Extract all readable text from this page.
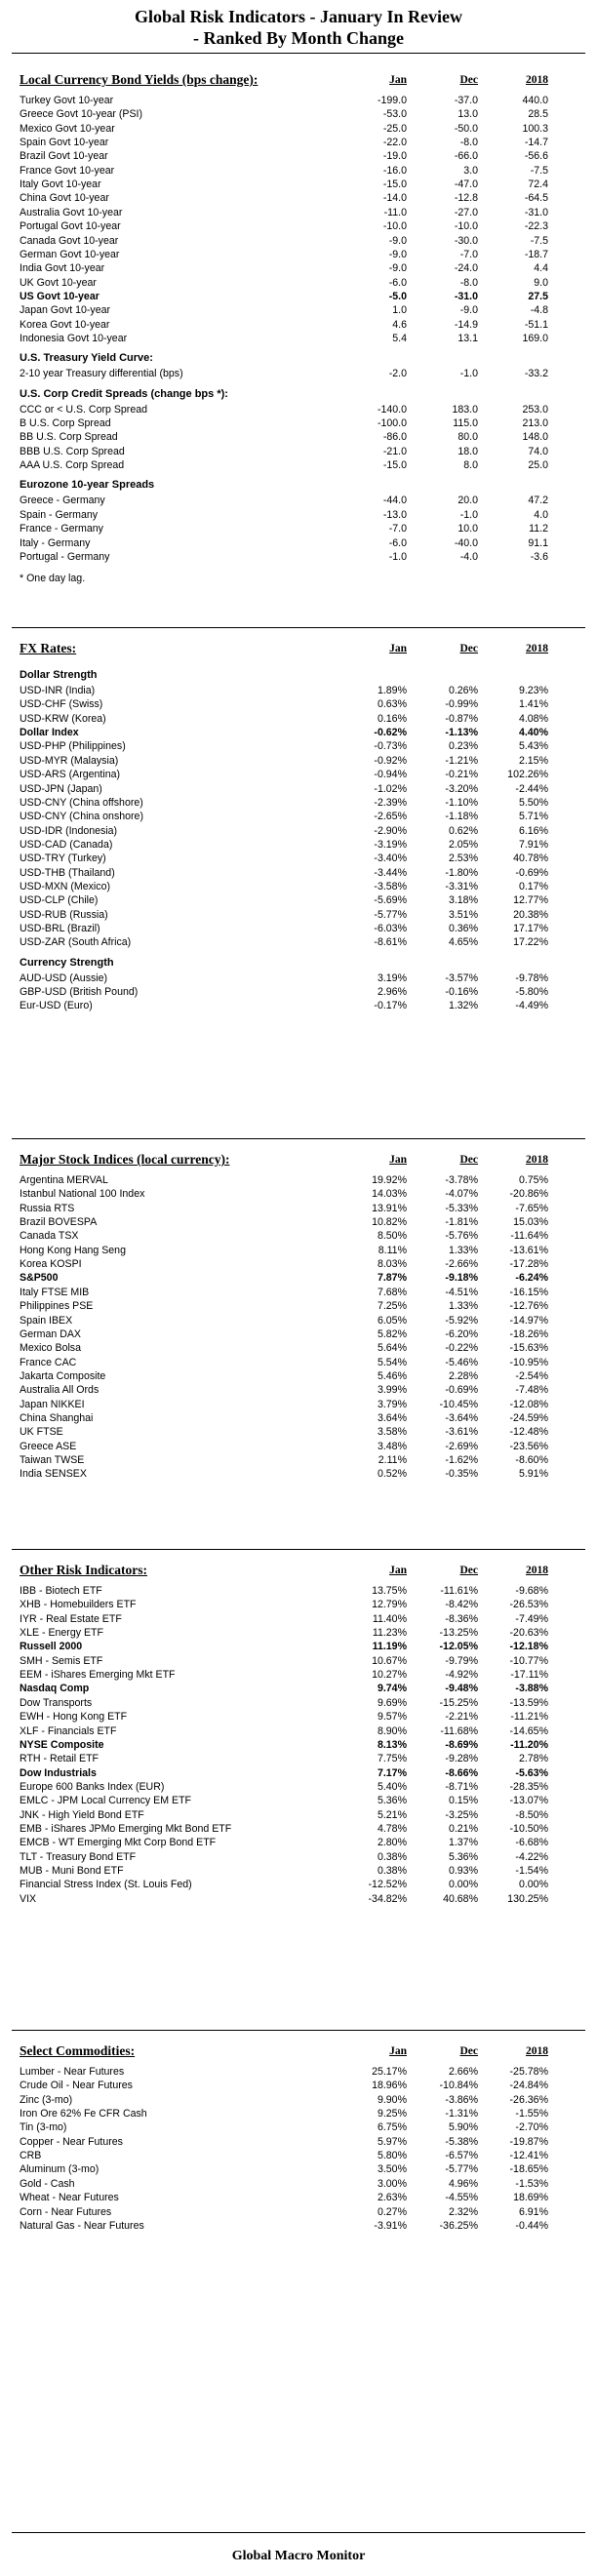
Global Risk Indicators - January In Review
- Ranked By Month Change
Local Currency Bond Yields (bps change):	Jan	Dec	2018
Turkey Govt 10-year	-199.0	-37.0	440.0
Greece Govt 10-year (PSI)	-53.0	13.0	28.5
Mexico Govt 10-year	-25.0	-50.0	100.3
Spain Govt 10-year	-22.0	-8.0	-14.7
Brazil Govt 10-year	-19.0	-66.0	-56.6
France Govt 10-year	-16.0	3.0	-7.5
Italy Govt 10-year	-15.0	-47.0	72.4
China Govt 10-year	-14.0	-12.8	-64.5
Australia Govt 10-year	-11.0	-27.0	-31.0
Portugal Govt 10-year	-10.0	-10.0	-22.3
Canada Govt 10-year	-9.0	-30.0	-7.5
German Govt 10-year	-9.0	-7.0	-18.7
India Govt 10-year	-9.0	-24.0	4.4
UK Govt 10-year	-6.0	-8.0	9.0
US Govt 10-year	-5.0	-31.0	27.5
Japan Govt 10-year	1.0	-9.0	-4.8
Korea Govt 10-year	4.6	-14.9	-51.1
Indonesia Govt 10-year	5.4	13.1	169.0
U.S. Treasury Yield Curve:
2-10 year Treasury differential (bps)	-2.0	-1.0	-33.2
U.S. Corp Credit Spreads (change bps *):
CCC or < U.S. Corp Spread	-140.0	183.0	253.0
B U.S. Corp Spread	-100.0	115.0	213.0
BB U.S. Corp Spread	-86.0	80.0	148.0
BBB U.S. Corp Spread	-21.0	18.0	74.0
AAA U.S. Corp Spread	-15.0	8.0	25.0
Eurozone 10-year Spreads
Greece - Germany	-44.0	20.0	47.2
Spain - Germany	-13.0	-1.0	4.0
France - Germany	-7.0	10.0	11.2
Italy - Germany	-6.0	-40.0	91.1
Portugal - Germany	-1.0	-4.0	-3.6
* One day lag.
FX Rates:	Jan	Dec	2018
Dollar Strength
USD-INR (India)	1.89%	0.26%	9.23%
USD-CHF (Swiss)	0.63%	-0.99%	1.41%
USD-KRW (Korea)	0.16%	-0.87%	4.08%
Dollar Index	-0.62%	-1.13%	4.40%
USD-PHP (Philippines)	-0.73%	0.23%	5.43%
USD-MYR (Malaysia)	-0.92%	-1.21%	2.15%
USD-ARS (Argentina)	-0.94%	-0.21%	102.26%
USD-JPN (Japan)	-1.02%	-3.20%	-2.44%
USD-CNY (China offshore)	-2.39%	-1.10%	5.50%
USD-CNY (China onshore)	-2.65%	-1.18%	5.71%
USD-IDR (Indonesia)	-2.90%	0.62%	6.16%
USD-CAD (Canada)	-3.19%	2.05%	7.91%
USD-TRY (Turkey)	-3.40%	2.53%	40.78%
USD-THB (Thailand)	-3.44%	-1.80%	-0.69%
USD-MXN (Mexico)	-3.58%	-3.31%	0.17%
USD-CLP (Chile)	-5.69%	3.18%	12.77%
USD-RUB (Russia)	-5.77%	3.51%	20.38%
USD-BRL (Brazil)	-6.03%	0.36%	17.17%
USD-ZAR (South Africa)	-8.61%	4.65%	17.22%
Currency Strength
AUD-USD (Aussie)	3.19%	-3.57%	-9.78%
GBP-USD (British Pound)	2.96%	-0.16%	-5.80%
Eur-USD (Euro)	-0.17%	1.32%	-4.49%
Major Stock Indices (local currency):	Jan	Dec	2018
Argentina MERVAL	19.92%	-3.78%	0.75%
Istanbul National 100 Index	14.03%	-4.07%	-20.86%
Russia RTS	13.91%	-5.33%	-7.65%
Brazil BOVESPA	10.82%	-1.81%	15.03%
Canada TSX	8.50%	-5.76%	-11.64%
Hong Kong Hang Seng	8.11%	1.33%	-13.61%
Korea KOSPI	8.03%	-2.66%	-17.28%
S&P500	7.87%	-9.18%	-6.24%
Italy FTSE MIB	7.68%	-4.51%	-16.15%
Philippines PSE	7.25%	1.33%	-12.76%
Spain IBEX	6.05%	-5.92%	-14.97%
German DAX	5.82%	-6.20%	-18.26%
Mexico Bolsa	5.64%	-0.22%	-15.63%
France CAC	5.54%	-5.46%	-10.95%
Jakarta Composite	5.46%	2.28%	-2.54%
Australia All Ords	3.99%	-0.69%	-7.48%
Japan NIKKEI	3.79%	-10.45%	-12.08%
China Shanghai	3.64%	-3.64%	-24.59%
UK FTSE	3.58%	-3.61%	-12.48%
Greece ASE	3.48%	-2.69%	-23.56%
Taiwan TWSE	2.11%	-1.62%	-8.60%
India SENSEX	0.52%	-0.35%	5.91%
Other Risk Indicators:	Jan	Dec	2018
IBB - Biotech ETF	13.75%	-11.61%	-9.68%
XHB - Homebuilders ETF	12.79%	-8.42%	-26.53%
IYR - Real Estate ETF	11.40%	-8.36%	-7.49%
XLE - Energy ETF	11.23%	-13.25%	-20.63%
Russell 2000	11.19%	-12.05%	-12.18%
SMH - Semis ETF	10.67%	-9.79%	-10.77%
EEM - iShares Emerging Mkt ETF	10.27%	-4.92%	-17.11%
Nasdaq Comp	9.74%	-9.48%	-3.88%
Dow Transports	9.69%	-15.25%	-13.59%
EWH - Hong Kong ETF	9.57%	-2.21%	-11.21%
XLF - Financials ETF	8.90%	-11.68%	-14.65%
NYSE Composite	8.13%	-8.69%	-11.20%
RTH - Retail ETF	7.75%	-9.28%	2.78%
Dow Industrials	7.17%	-8.66%	-5.63%
Europe 600 Banks Index (EUR)	5.40%	-8.71%	-28.35%
EMLC - JPM Local Currency EM ETF	5.36%	0.15%	-13.07%
JNK - High Yield Bond ETF	5.21%	-3.25%	-8.50%
EMB - iShares JPMo Emerging Mkt Bond ETF	4.78%	0.21%	-10.50%
EMCB - WT Emerging Mkt Corp Bond ETF	2.80%	1.37%	-6.68%
TLT - Treasury Bond ETF	0.38%	5.36%	-4.22%
MUB - Muni Bond ETF	0.38%	0.93%	-1.54%
Financial Stress Index (St. Louis Fed)	-12.52%	0.00%	0.00%
VIX	-34.82%	40.68%	130.25%
Select Commodities:	Jan	Dec	2018
Lumber - Near Futures	25.17%	2.66%	-25.78%
Crude Oil - Near Futures	18.96%	-10.84%	-24.84%
Zinc (3-mo)	9.90%	-3.86%	-26.36%
Iron Ore 62% Fe CFR Cash	9.25%	-1.31%	-1.55%
Tin (3-mo)	6.75%	5.90%	-2.70%
Copper - Near Futures	5.97%	-5.38%	-19.87%
CRB	5.80%	-6.57%	-12.41%
Aluminum (3-mo)	3.50%	-5.77%	-18.65%
Gold - Cash	3.00%	4.96%	-1.53%
Wheat - Near Futures	2.63%	-4.55%	18.69%
Corn - Near Futures	0.27%	2.32%	6.91%
Natural Gas - Near Futures	-3.91%	-36.25%	-0.44%
Global Macro Monitor
